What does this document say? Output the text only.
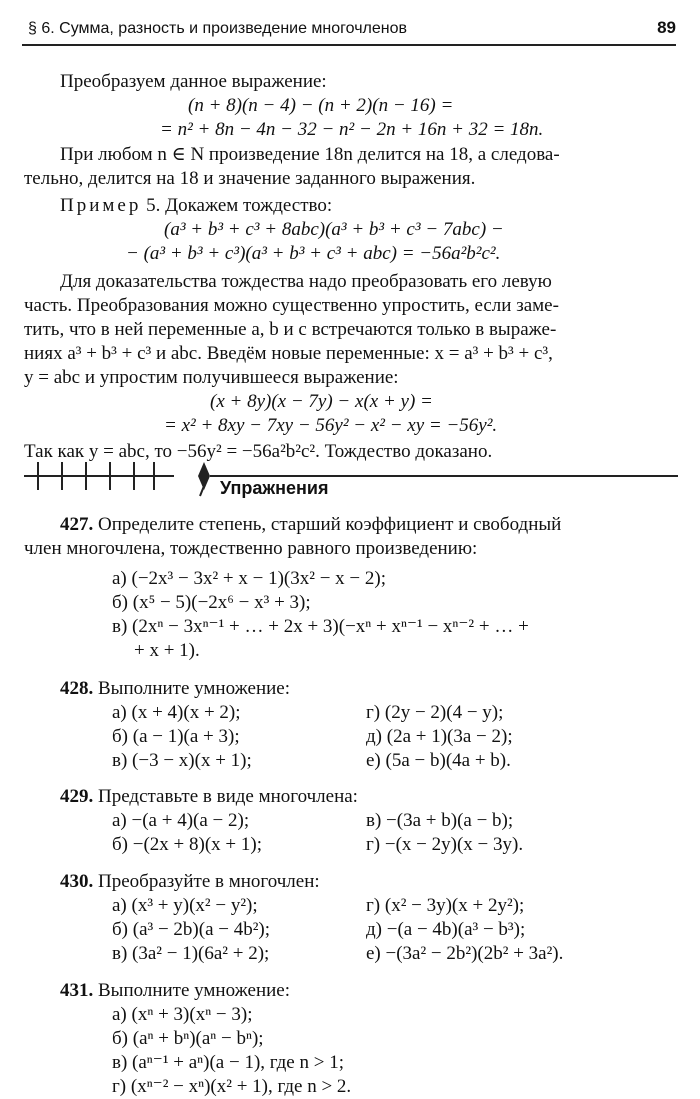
§ 6. Сумма, разность и произведение многочленов	89
Преобразуем данное выражение:
(n + 8)(n − 4) − (n + 2)(n − 16) =
= n² + 8n − 4n − 32 − n² − 2n + 16n + 32 = 18n.
При любом n ∈ N произведение 18n делится на 18, а следова-
тельно, делится на 18 и значение заданного выражения.
Пример 5. Докажем тождество:
(a³ + b³ + c³ + 8abc)(a³ + b³ + c³ − 7abc) −
− (a³ + b³ + c³)(a³ + b³ + c³ + abc) = −56a²b²c².
Для доказательства тождества надо преобразовать его левую
часть. Преобразования можно существенно упростить, если заме-
тить, что в ней переменные a, b и c встречаются только в выраже-
ниях a³ + b³ + c³ и abc. Введём новые переменные: x = a³ + b³ + c³,
y = abc и упростим получившееся выражение:
(x + 8y)(x − 7y) − x(x + y) =
= x² + 8xy − 7xy − 56y² − x² − xy = −56y².
Так как y = abc, то −56y² = −56a²b²c². Тождество доказано.
Упражнения
427. Определите степень, старший коэффициент и свободный
член многочлена, тождественно равного произведению:
а) (−2x³ − 3x² + x − 1)(3x² − x − 2);
б) (x⁵ − 5)(−2x⁶ − x³ + 3);
в) (2xⁿ − 3xⁿ⁻¹ + … + 2x + 3)(−xⁿ + xⁿ⁻¹ − xⁿ⁻² + … +
+ x + 1).
428. Выполните умножение:
а) (x + 4)(x + 2);
б) (a − 1)(a + 3);
в) (−3 − x)(x + 1);
г) (2y − 2)(4 − y);
д) (2a + 1)(3a − 2);
е) (5a − b)(4a + b).
429. Представьте в виде многочлена:
а) −(a + 4)(a − 2);
б) −(2x + 8)(x + 1);
в) −(3a + b)(a − b);
г) −(x − 2y)(x − 3y).
430. Преобразуйте в многочлен:
а) (x³ + y)(x² − y²);
б) (a³ − 2b)(a − 4b²);
в) (3a² − 1)(6a² + 2);
г) (x² − 3y)(x + 2y²);
д) −(a − 4b)(a³ − b³);
е) −(3a² − 2b²)(2b² + 3a²).
431. Выполните умножение:
а) (xⁿ + 3)(xⁿ − 3);
б) (aⁿ + bⁿ)(aⁿ − bⁿ);
в) (aⁿ⁻¹ + aⁿ)(a − 1), где n > 1;
г) (xⁿ⁻² − xⁿ)(x² + 1), где n > 2.
